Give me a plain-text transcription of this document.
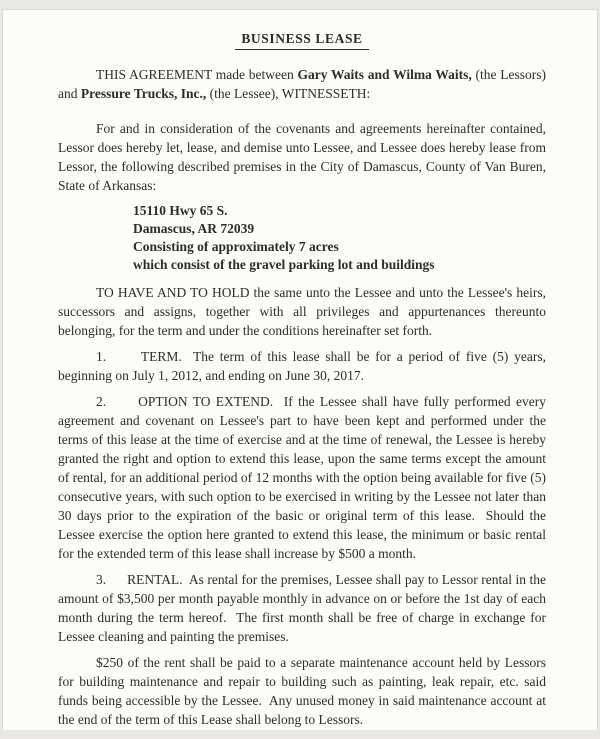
BUSINESS LEASE

THIS AGREEMENT made between Gary Waits and Wilma Waits, (the Lessors) and Pressure Trucks, Inc., (the Lessee), WITNESSETH:

For and in consideration of the covenants and agreements hereinafter contained, Lessor does hereby let, lease, and demise unto Lessee, and Lessee does hereby lease from Lessor, the following described premises in the City of Damascus, County of Van Buren, State of Arkansas:

15110 Hwy 65 S.
Damascus, AR 72039
Consisting of approximately 7 acres
which consist of the gravel parking lot and buildings

TO HAVE AND TO HOLD the same unto the Lessee and unto the Lessee's heirs, successors and assigns, together with all privileges and appurtenances thereunto belonging, for the term and under the conditions hereinafter set forth.

1.      TERM.  The term of this lease shall be for a period of five (5) years, beginning on July 1, 2012, and ending on June 30, 2017.

2.      OPTION TO EXTEND.  If the Lessee shall have fully performed every agreement and covenant on Lessee's part to have been kept and performed under the terms of this lease at the time of exercise and at the time of renewal, the Lessee is hereby granted the right and option to extend this lease, upon the same terms except the amount of rental, for an additional period of 12 months with the option being available for five (5) consecutive years, with such option to be exercised in writing by the Lessee not later than 30 days prior to the expiration of the basic or original term of this lease.  Should the Lessee exercise the option here granted to extend this lease, the minimum or basic rental for the extended term of this lease shall increase by $500 a month.

3.      RENTAL.  As rental for the premises, Lessee shall pay to Lessor rental in the amount of $3,500 per month payable monthly in advance on or before the 1st day of each month during the term hereof.  The first month shall be free of charge in exchange for Lessee cleaning and painting the premises.

$250 of the rent shall be paid to a separate maintenance account held by Lessors for building maintenance and repair to building such as painting, leak repair, etc. said funds being accessible by the Lessee.  Any unused money in said maintenance account at the end of the term of this Lease shall belong to Lessors.
